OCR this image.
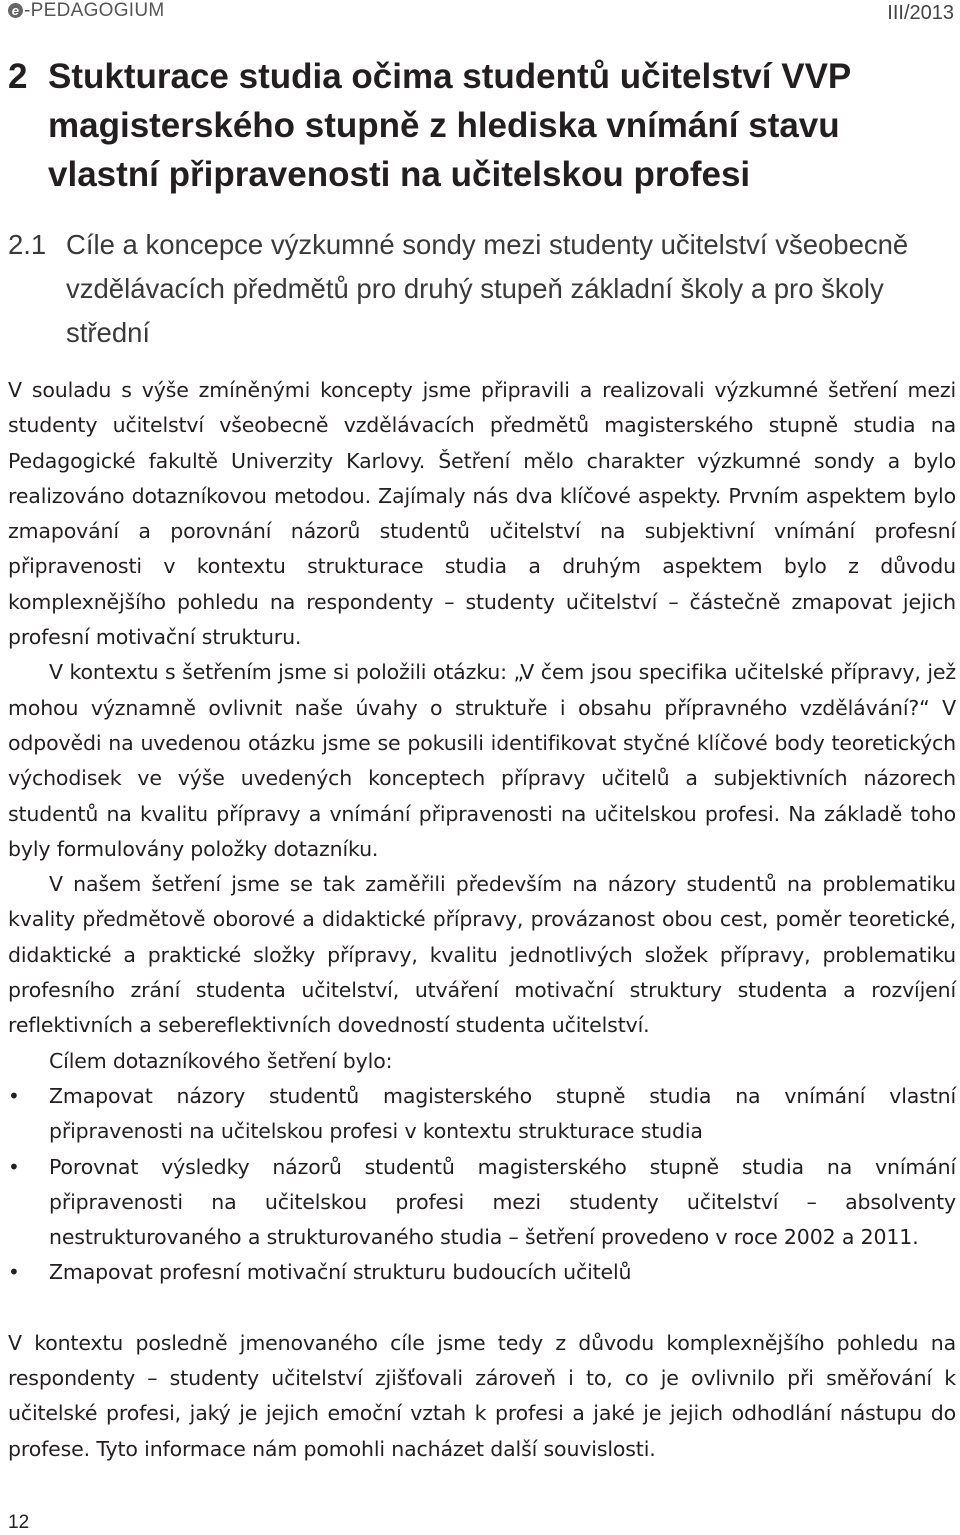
e -PEDAGOGIUM	III/2013
2 Stukturace studia očima studentů učitelství VVP magisterského stupně z hlediska vnímání stavu vlastní připravenosti na učitelskou profesi
2.1 Cíle a koncepce výzkumné sondy mezi studenty učitelství všeobecně vzdělávacích předmětů pro druhý stupeň základní školy a pro školy střední

V souladu s výše zmíněnými koncepty jsme připravili a realizovali výzkumné šetření mezi studenty učitelství všeobecně vzdělávacích předmětů magisterského stupně studia na Pedagogické fakultě Univerzity Karlovy. Šetření mělo charakter výzkumné sondy a bylo realizováno dotazníkovou metodou. Zajímaly nás dva klíčové aspekty. Prvním aspektem bylo zmapování a porovnání názorů studentů učitelství na subjektivní vnímání profesní připravenosti v kontextu strukturace studia a druhým aspektem bylo z důvodu komplexnějšího pohledu na respondenty – studenty učitelství – částečně zmapovat jejich profesní motivační strukturu.

V kontextu s šetřením jsme si položili otázku: „V čem jsou specifika učitelské přípravy, jež mohou významně ovlivnit naše úvahy o struktuře i obsahu přípravného vzdělávání?“ V odpovědi na uvedenou otázku jsme se pokusili identifikovat styčné klíčové body teoretických východisek ve výše uvedených konceptech přípravy učitelů a subjektivních názorech studentů na kvalitu přípravy a vnímání připravenosti na učitelskou profesi. Na základě toho byly formulovány položky dotazníku.

V našem šetření jsme se tak zaměřili především na názory studentů na problematiku kvality předmětově oborové a didaktické přípravy, provázanost obou cest, poměr teoretické, didaktické a praktické složky přípravy, kvalitu jednotlivých složek přípravy, problematiku profesního zrání studenta učitelství, utváření motivační struktury studenta a rozvíjení reflektivních a sebereflektivních dovedností studenta učitelství.

Cílem dotazníkového šetření bylo:

• Zmapovat názory studentů magisterského stupně studia na vnímání vlastní připravenosti na učitelskou profesi v kontextu strukturace studia
• Porovnat výsledky názorů studentů magisterského stupně studia na vnímání připravenosti na učitelskou profesi mezi studenty učitelství – absolventy nestrukturovaného a strukturovaného studia – šetření provedeno v roce 2002 a 2011.
• Zmapovat profesní motivační strukturu budoucích učitelů

V kontextu posledně jmenovaného cíle jsme tedy z důvodu komplexnějšího pohledu na respondenty – studenty učitelství zjišťovali zároveň i to, co je ovlivnilo při směřování k učitelské profesi, jaký je jejich emoční vztah k profesi a jaké je jejich odhodlání nástupu do profese. Tyto informace nám pomohli nacházet další souvislosti.

12
